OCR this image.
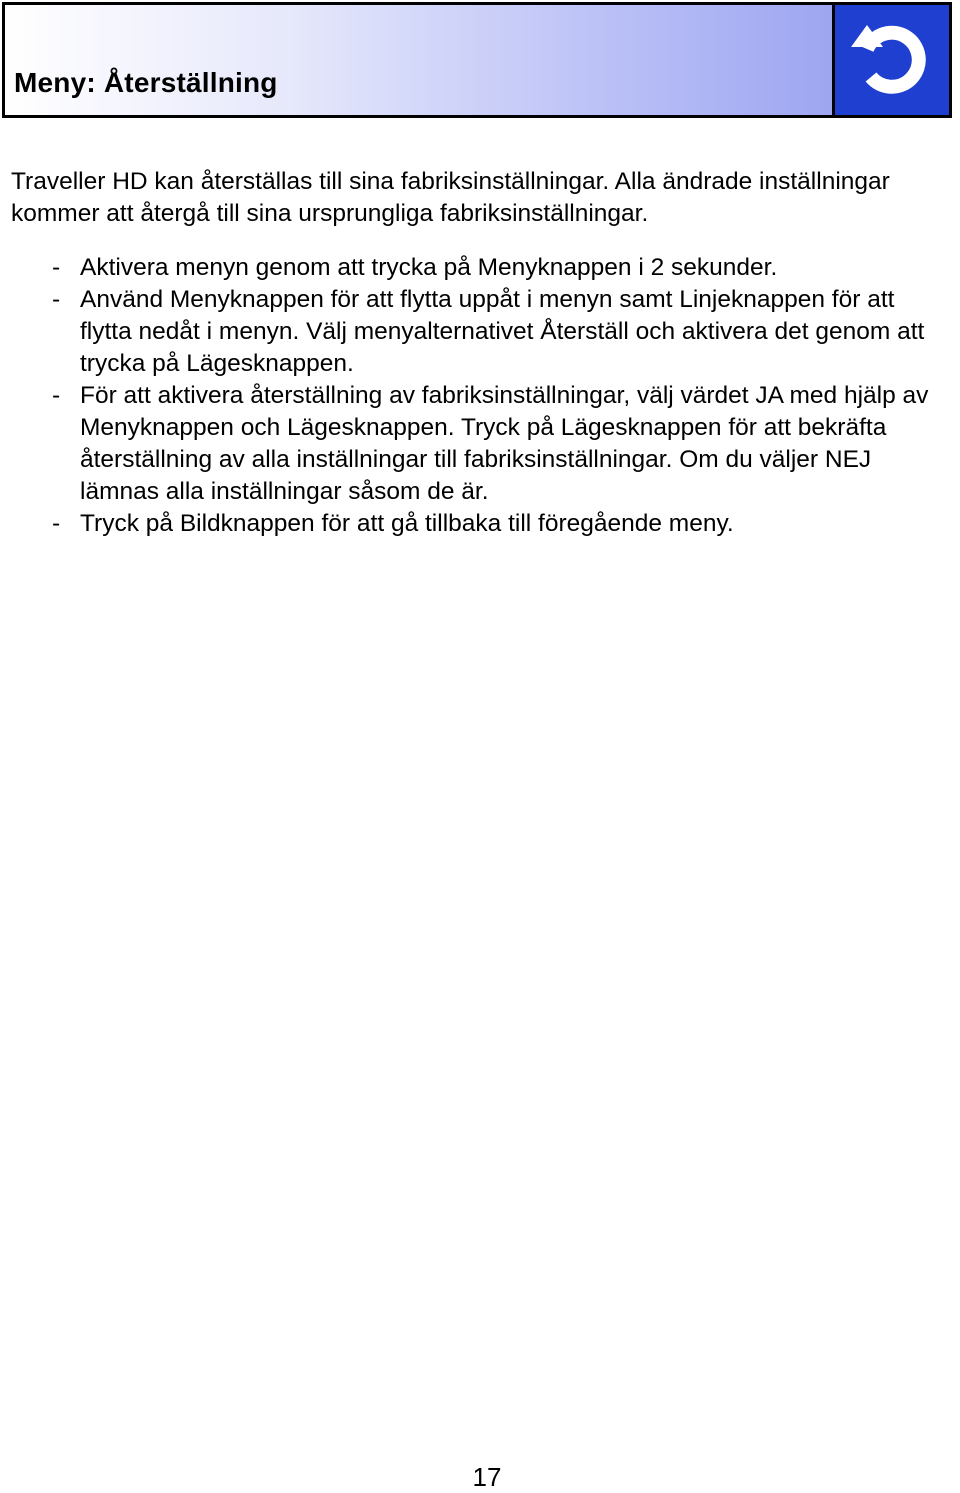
Meny: Återställning

Traveller HD kan återställas till sina fabriksinställningar. Alla ändrade inställningar kommer att återgå till sina ursprungliga fabriksinställningar.

- Aktivera menyn genom att trycka på Menyknappen i 2 sekunder.
- Använd Menyknappen för att flytta uppåt i menyn samt Linjeknappen för att flytta nedåt i menyn. Välj menyalternativet Återställ och aktivera det genom att trycka på Lägesknappen.
- För att aktivera återställning av fabriksinställningar, välj värdet JA med hjälp av Menyknappen och Lägesknappen. Tryck på Lägesknappen för att bekräfta återställning av alla inställningar till fabriksinställningar. Om du väljer NEJ lämnas alla inställningar såsom de är.
- Tryck på Bildknappen för att gå tillbaka till föregående meny.
17
